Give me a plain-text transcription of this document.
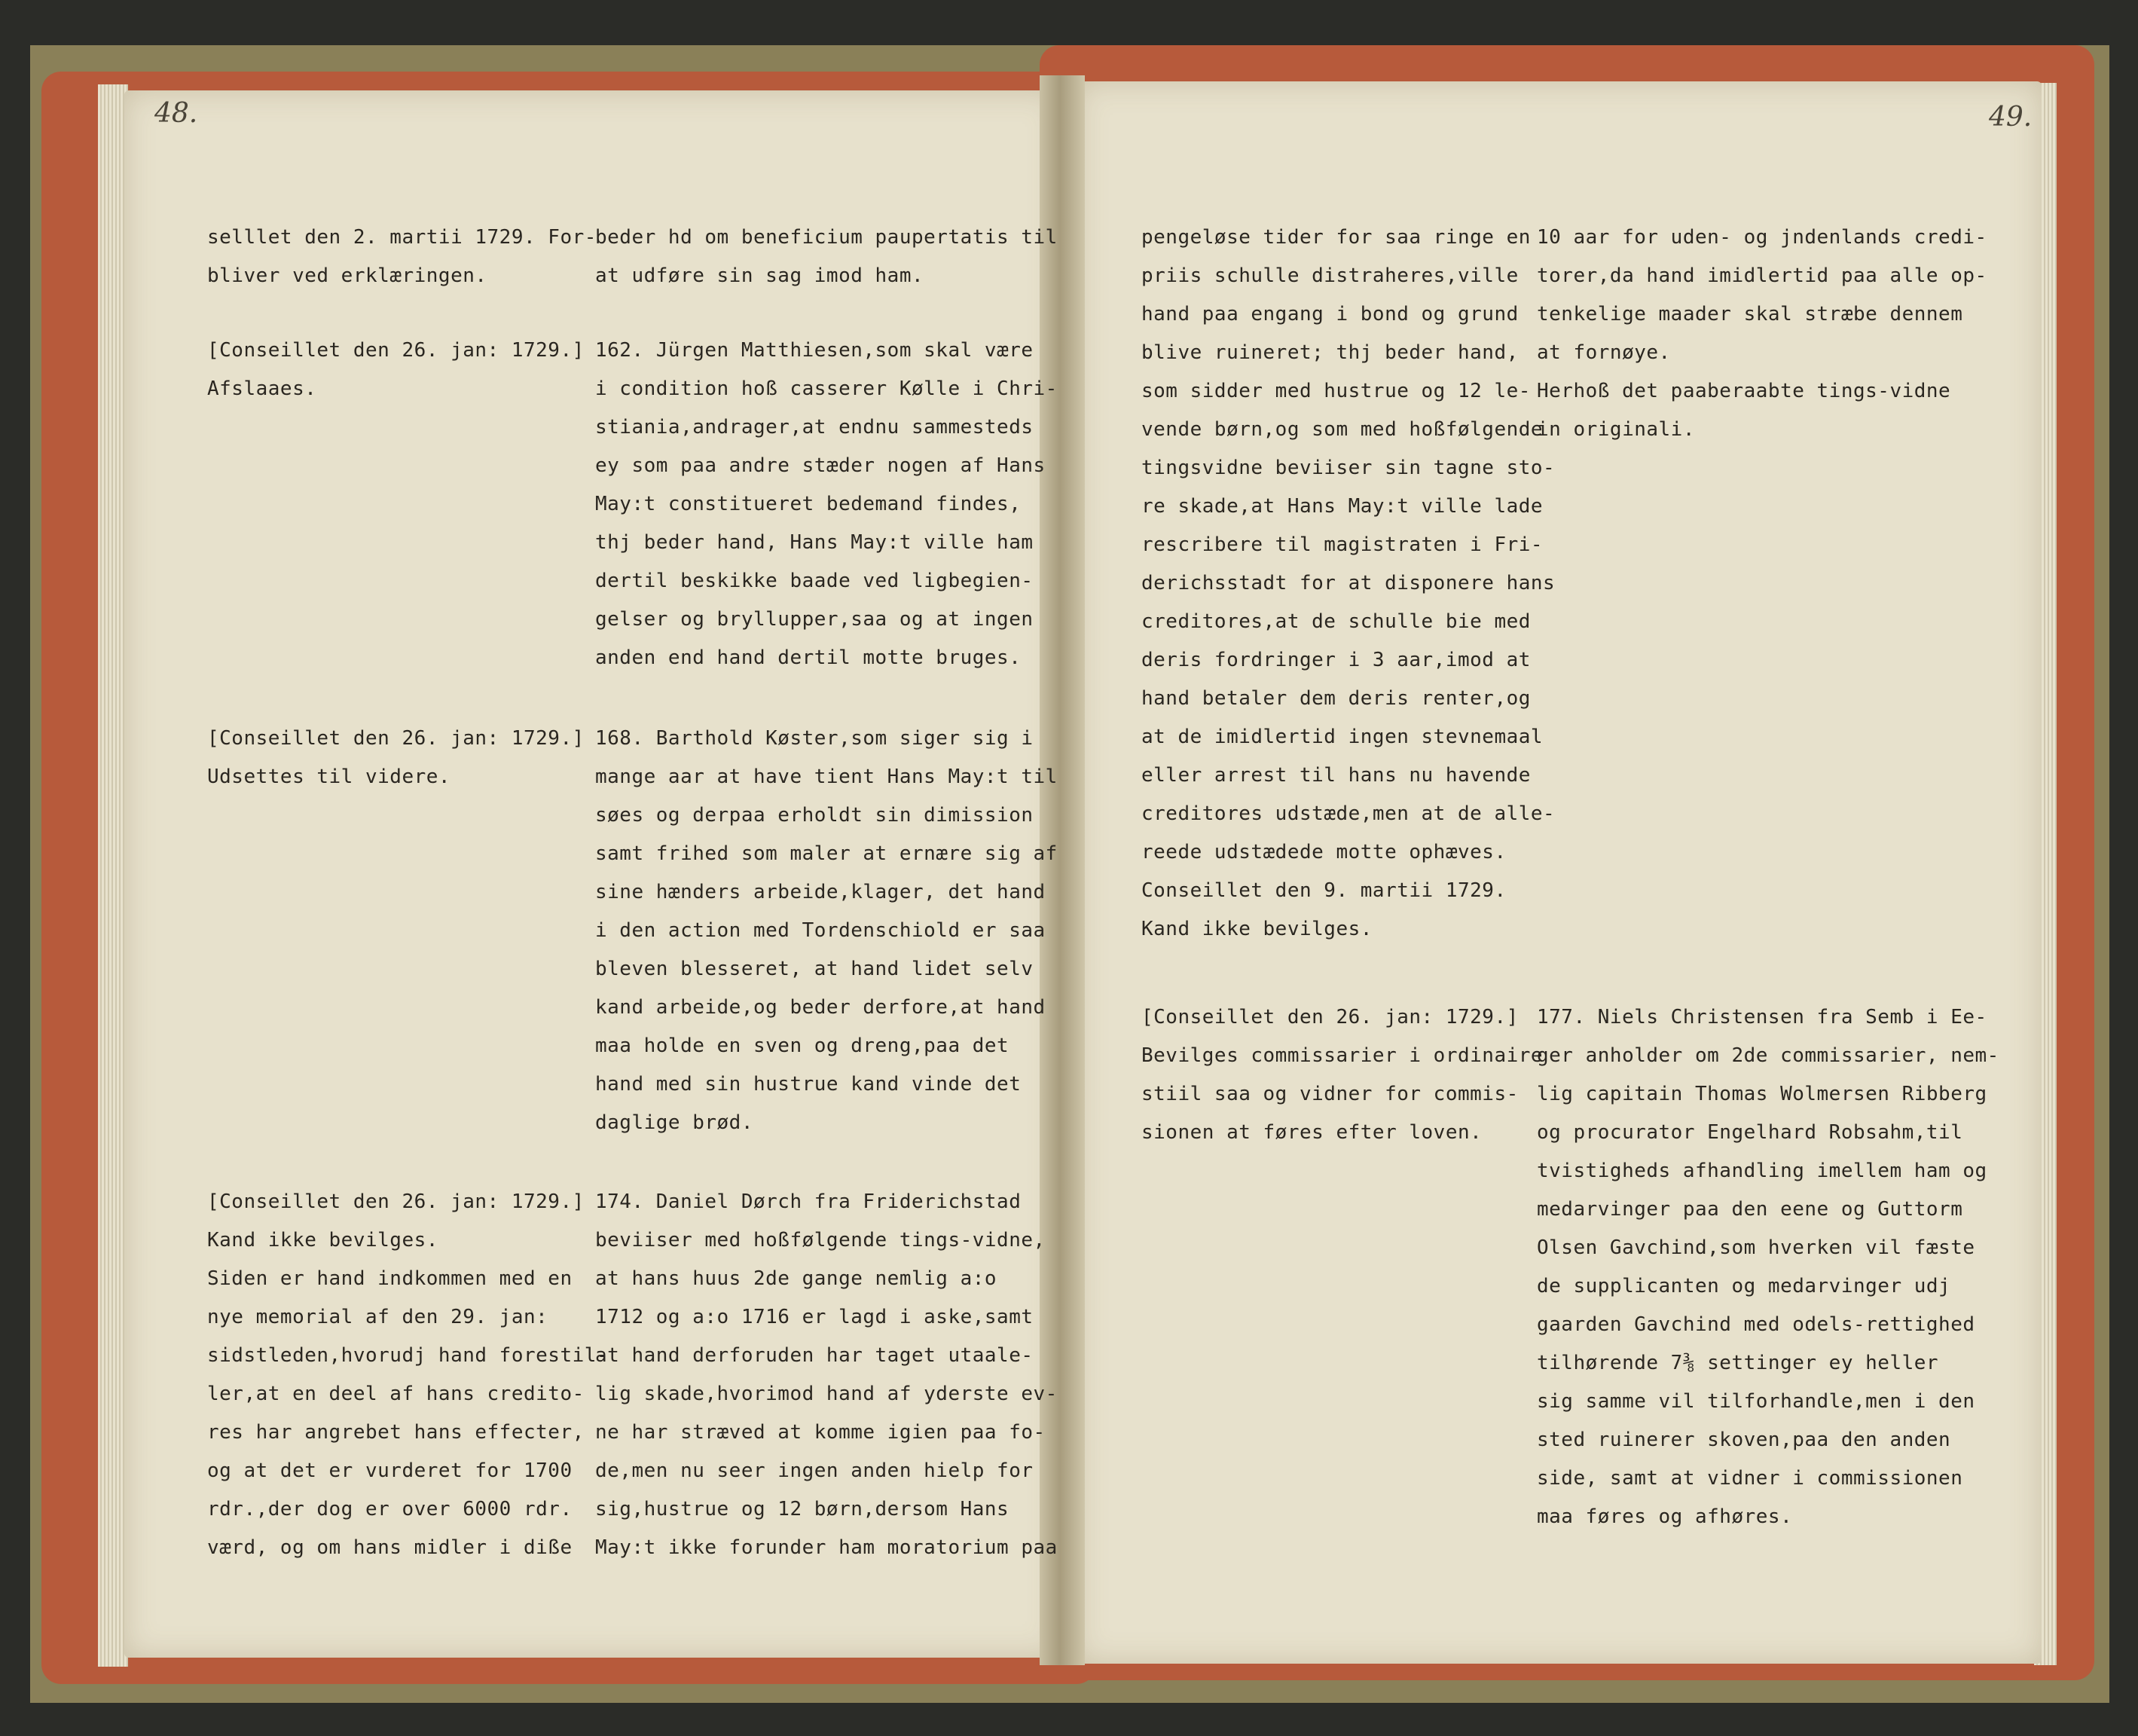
48.	49.
selllet den 2. martii 1729. For-
bliver ved erklæringen.
[Conseillet den 26. jan: 1729.]
Afslaaes.
[Conseillet den 26. jan: 1729.]
Udsettes til videre.
[Conseillet den 26. jan: 1729.]
Kand ikke bevilges.
Siden er hand indkommen med en
nye memorial af den 29. jan:
sidstleden,hvorudj hand forestil-
ler,at en deel af hans credito-
res har angrebet hans effecter,
og at det er vurderet for 1700
rdr.,der dog er over 6000 rdr.
værd, og om hans midler i diße
beder hd om beneficium paupertatis til
at udføre sin sag imod ham.
162. Jürgen Matthiesen,som skal være
i condition hoß casserer Kølle i Chri-
stiania,andrager,at endnu sammesteds
ey som paa andre stæder nogen af Hans
May:t constitueret bedemand findes,
thj beder hand, Hans May:t ville ham
dertil beskikke baade ved ligbegien-
gelser og bryllupper,saa og at ingen
anden end hand dertil motte bruges.
168. Barthold Køster,som siger sig i
mange aar at have tient Hans May:t til
søes og derpaa erholdt sin dimission
samt frihed som maler at ernære sig af
sine hænders arbeide,klager, det hand
i den action med Tordenschiold er saa
bleven blesseret, at hand lidet selv
kand arbeide,og beder derfore,at hand
maa holde en sven og dreng,paa det
hand med sin hustrue kand vinde det
daglige brød.
174. Daniel Dørch fra Friderichstad
beviiser med hoßfølgende tings-vidne,
at hans huus 2de gange nemlig a:o
1712 og a:o 1716 er lagd i aske,samt
at hand derforuden har taget utaale-
lig skade,hvorimod hand af yderste ev-
ne har stræved at komme igien paa fo-
de,men nu seer ingen anden hielp for
sig,hustrue og 12 børn,dersom Hans
May:t ikke forunder ham moratorium paa
pengeløse tider for saa ringe en
priis schulle distraheres,ville
hand paa engang i bond og grund
blive ruineret; thj beder hand,
som sidder med hustrue og 12 le-
vende børn,og som med hoßfølgende
tingsvidne beviiser sin tagne sto-
re skade,at Hans May:t ville lade
rescribere til magistraten i Fri-
derichsstadt for at disponere hans
creditores,at de schulle bie med
deris fordringer i 3 aar,imod at
hand betaler dem deris renter,og
at de imidlertid ingen stevnemaal
eller arrest til hans nu havende
creditores udstæde,men at de alle-
reede udstædede motte ophæves.
Conseillet den 9. martii 1729.
Kand ikke bevilges.
[Conseillet den 26. jan: 1729.]
Bevilges commissarier i ordinaire
stiil saa og vidner for commis-
sionen at føres efter loven.
10 aar for uden- og jndenlands credi-
torer,da hand imidlertid paa alle op-
tenkelige maader skal stræbe dennem
at fornøye.
Herhoß det paaberaabte tings-vidne
in originali.
177. Niels Christensen fra Semb i Ee-
ger anholder om 2de commissarier, nem-
lig capitain Thomas Wolmersen Ribberg
og procurator Engelhard Robsahm,til
tvistigheds afhandling imellem ham og
medarvinger paa den eene og Guttorm
Olsen Gavchind,som hverken vil fæste
de supplicanten og medarvinger udj
gaarden Gavchind med odels-rettighed
tilhørende 7⅜ settinger ey heller
sig samme vil tilforhandle,men i den
sted ruinerer skoven,paa den anden
side, samt at vidner i commissionen
maa føres og afhøres.
